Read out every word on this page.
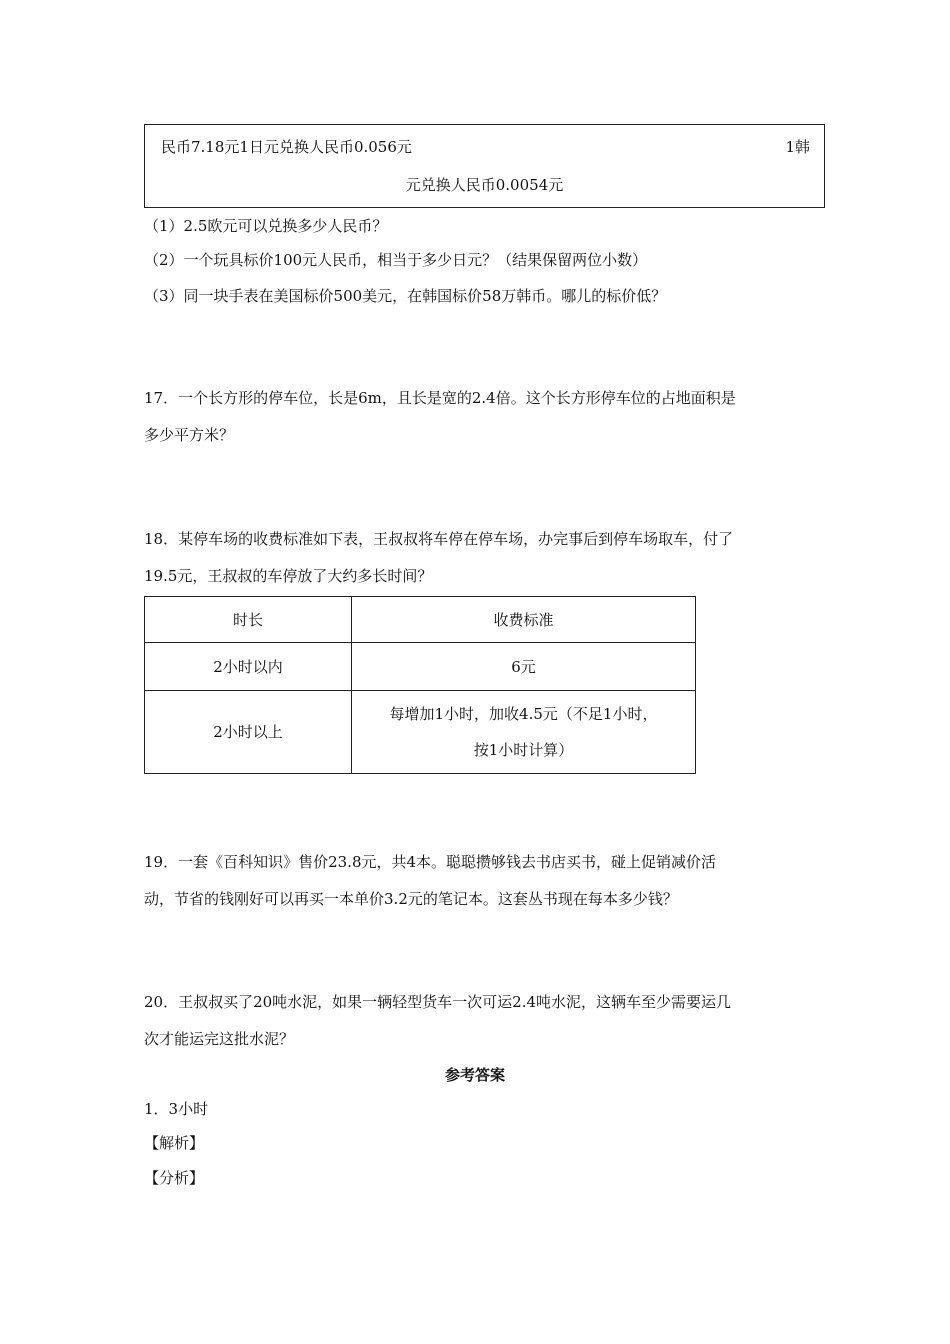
民币7.18元1日元兑换人民币0.056元	1韩
元兑换人民币0.0054元
（1）2.5欧元可以兑换多少人民币？
（2）一个玩具标价100元人民币，相当于多少日元？（结果保留两位小数）
（3）同一块手表在美国标价500美元，在韩国标价58万韩币。哪儿的标价低？
17．一个长方形的停车位，长是6m，且长是宽的2.4倍。这个长方形停车位的占地面积是
多少平方米？
18．某停车场的收费标准如下表，王叔叔将车停在停车场，办完事后到停车场取车，付了
19.5元，王叔叔的车停放了大约多长时间？
时长	收费标准
2小时以内	6元
2小时以上	每增加1小时，加收4.5元（不足1小时，
按1小时计算）
19．一套《百科知识》售价23.8元，共4本。聪聪攒够钱去书店买书，碰上促销减价活
动，节省的钱刚好可以再买一本单价3.2元的笔记本。这套丛书现在每本多少钱？
20．王叔叔买了20吨水泥，如果一辆轻型货车一次可运2.4吨水泥，这辆车至少需要运几
次才能运完这批水泥？
参考答案
1．3小时
【解析】
【分析】
